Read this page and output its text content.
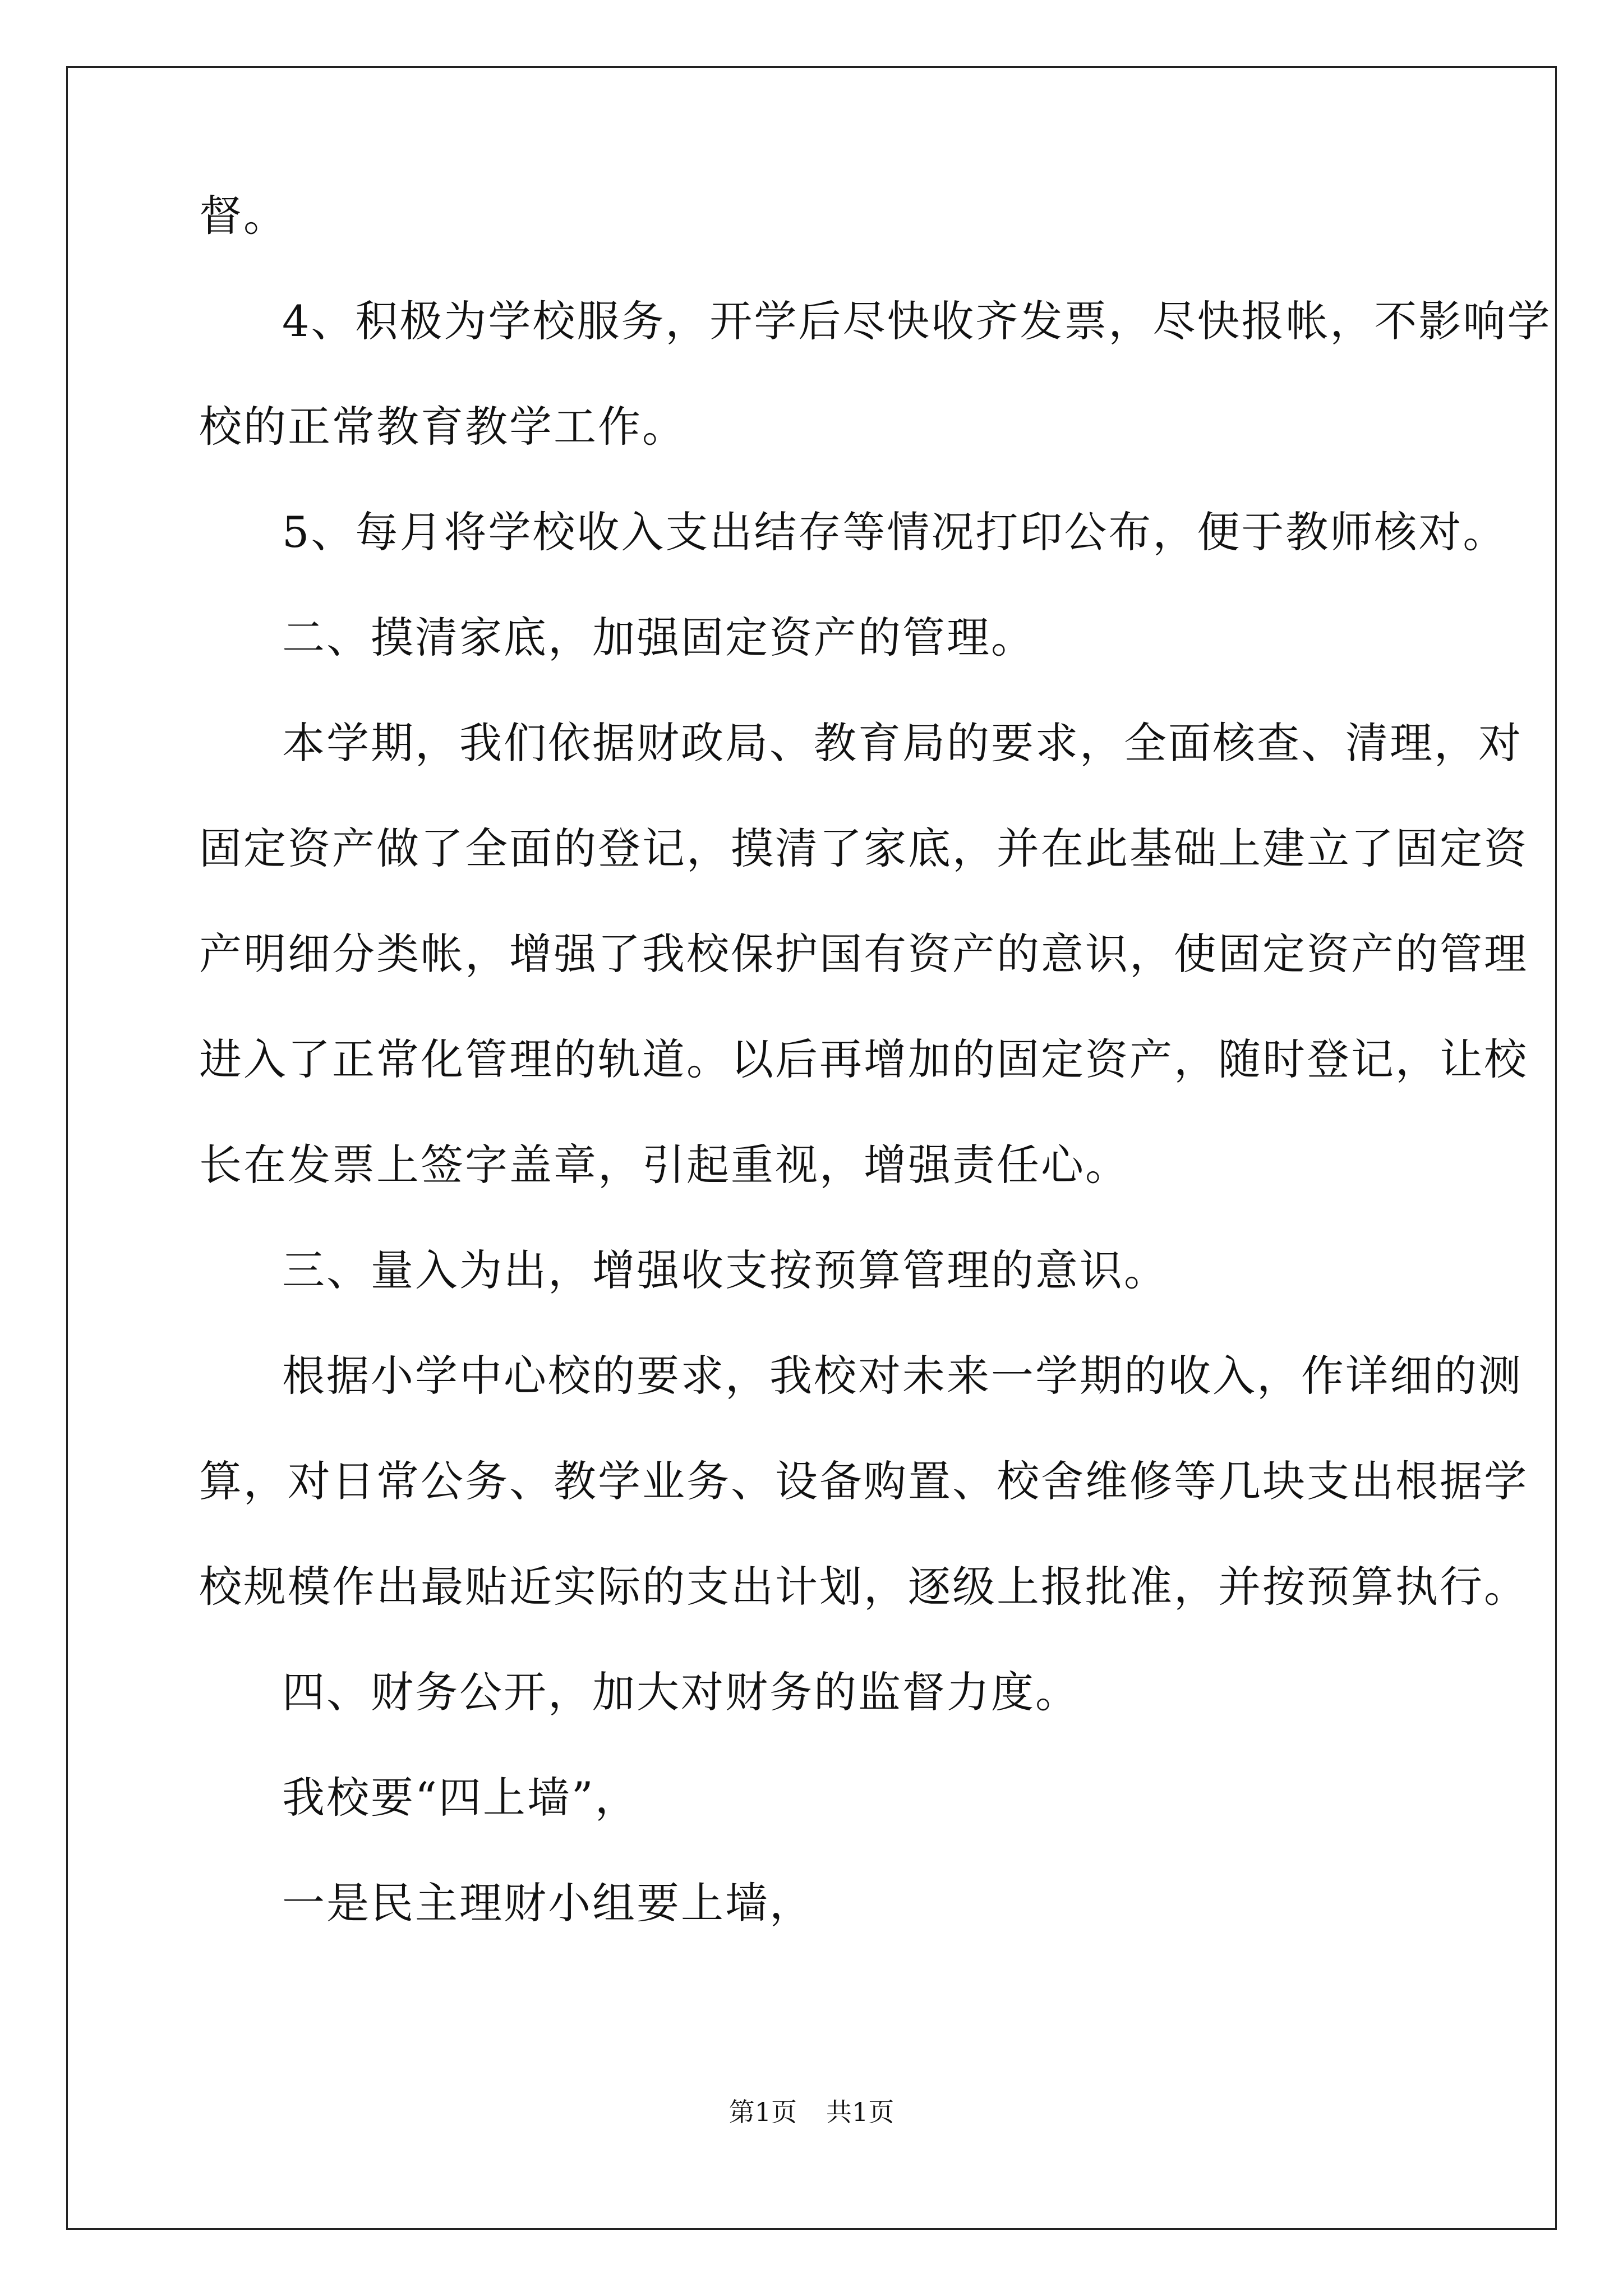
督。
4、积极为学校服务，开学后尽快收齐发票，尽快报帐，不影响学
校的正常教育教学工作。
5、每月将学校收入支出结存等情况打印公布，便于教师核对。
二、摸清家底，加强固定资产的管理。
本学期，我们依据财政局、教育局的要求，全面核查、清理，对
固定资产做了全面的登记，摸清了家底，并在此基础上建立了固定资
产明细分类帐，增强了我校保护国有资产的意识，使固定资产的管理
进入了正常化管理的轨道。以后再增加的固定资产，随时登记，让校
长在发票上签字盖章，引起重视，增强责任心。
三、量入为出，增强收支按预算管理的意识。
根据小学中心校的要求，我校对未来一学期的收入，作详细的测
算，对日常公务、教学业务、设备购置、校舍维修等几块支出根据学
校规模作出最贴近实际的支出计划，逐级上报批准，并按预算执行。
四、财务公开，加大对财务的监督力度。
我校要“四上墙”，
一是民主理财小组要上墙，
第1页 共1页
